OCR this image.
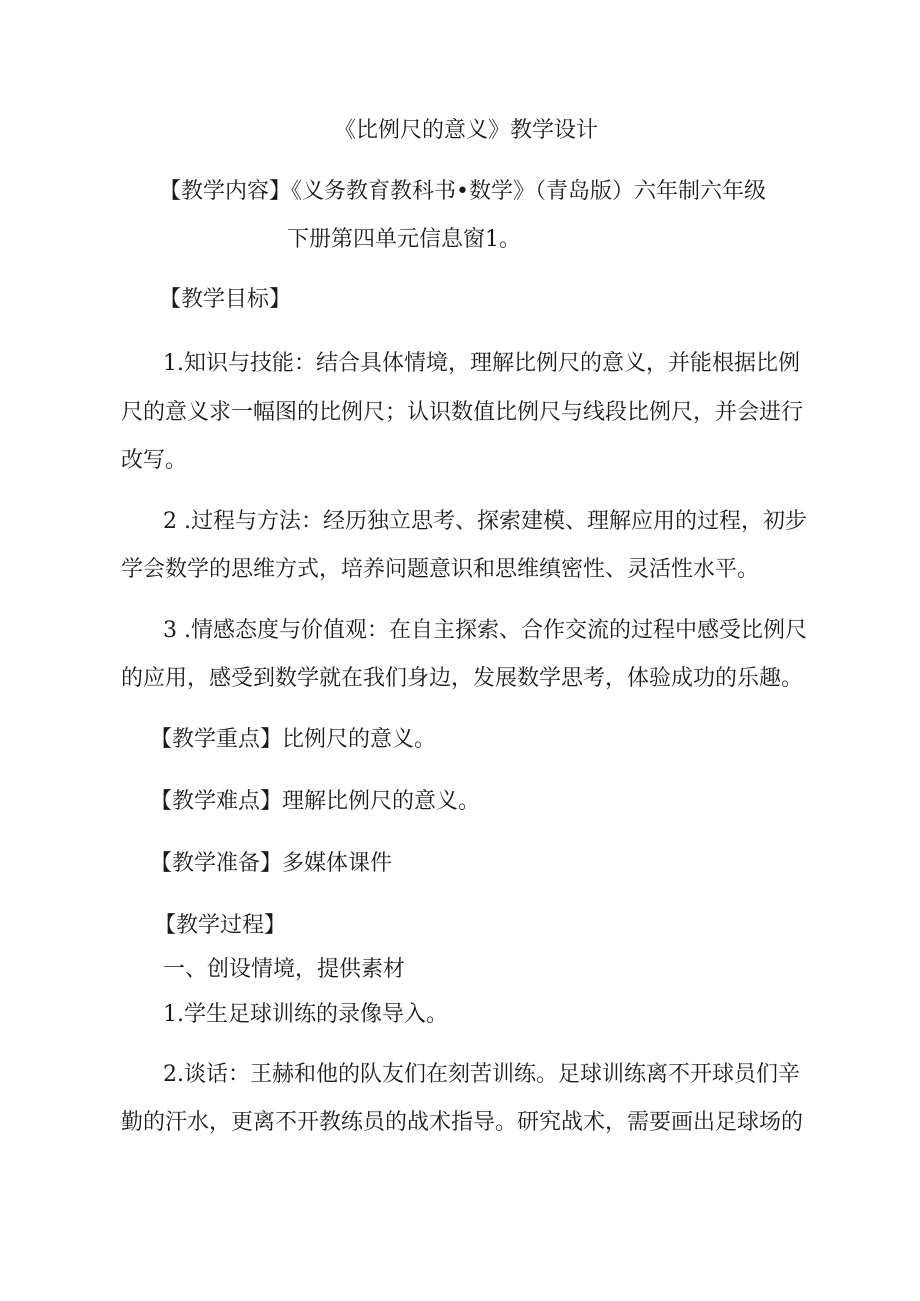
《比例尺的意义》教学设计

【教学内容】《义务教育教科书•数学》（青岛版）六年制六年级

下册第四单元信息窗1。

【教学目标】

1.知识与技能：结合具体情境，理解比例尺的意义，并能根据比例

尺的意义求一幅图的比例尺；认识数值比例尺与线段比例尺，并会进行

改写。

2 .过程与方法：经历独立思考、探索建模、理解应用的过程，初步

学会数学的思维方式，培养问题意识和思维缜密性、灵活性水平。

3 .情感态度与价值观：在自主探索、合作交流的过程中感受比例尺

的应用，感受到数学就在我们身边，发展数学思考，体验成功的乐趣。

【教学重点】比例尺的意义。

【教学难点】理解比例尺的意义。

【教学准备】多媒体课件

【教学过程】

一、创设情境，提供素材

1.学生足球训练的录像导入。

2.谈话：王赫和他的队友们在刻苦训练。足球训练离不开球员们辛

勤的汗水，更离不开教练员的战术指导。研究战术，需要画出足球场的
